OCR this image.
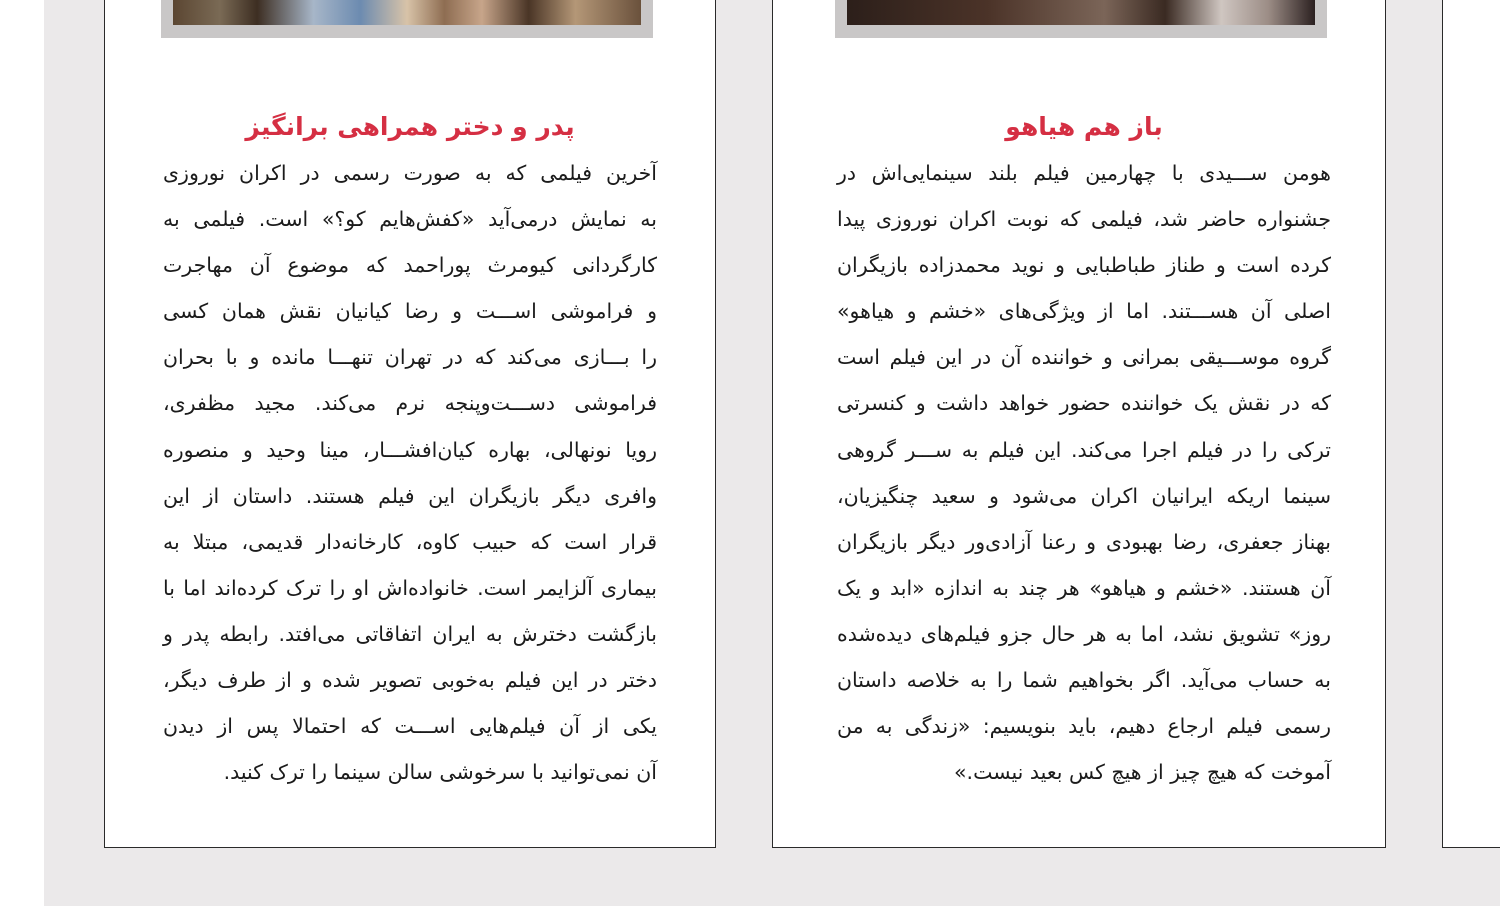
پدر و دختر همراهی برانگیز
آخرین فیلمی که به صورت رسمی در اکران نوروزی
به نمایش درمی‌آید «کفش‌هایم کو؟» است. فیلمی به
کارگردانی کیومرث پوراحمد که موضوع آن مهاجرت
و فراموشی اســـت و رضا کیانیان نقش همان کسی
را بـــازی می‌کند که در تهران تنهـــا مانده و با بحران
فراموشی دســـت‌وپنجه نرم می‌کند. مجید مظفری،
رویا نونهالی، بهاره کیان‌افشـــار، مینا وحید و منصوره
وافری دیگر بازیگران این فیلم هستند. داستان از این
قرار است که حبیب کاوه، کارخانه‌دار قدیمی، مبتلا به
بیماری آلزایمر است. خانواده‌اش او را ترک کرده‌اند اما با
بازگشت دخترش به ایران اتفاقاتی می‌افتد. رابطه پدر و
دختر در این فیلم به‌خوبی تصویر شده و از طرف دیگر،
یکی از آن فیلم‌هایی اســـت که احتمالا پس از دیدن
آن نمی‌توانید با سرخوشی سالن سینما را ترک کنید.
باز هم هیاهو
هومن ســـیدی با چهارمین فیلم بلند سینمایی‌اش در
جشنواره حاضر شد، فیلمی که نوبت اکران نوروزی پیدا
کرده است و طناز طباطبایی و نوید محمدزاده بازیگران
اصلی آن هســـتند. اما از ویژگی‌های «خشم و هیاهو»
گروه موســـیقی بمرانی و خواننده آن در این فیلم است
که در نقش یک خواننده حضور خواهد داشت و کنسرتی
ترکی را در فیلم اجرا می‌کند. این فیلم به ســـر گروهی
سینما اریکه ایرانیان اکران می‌شود و سعید چنگیزیان،
بهناز جعفری، رضا بهبودی و رعنا آزادی‌ور دیگر بازیگران
آن هستند. «خشم و هیاهو» هر چند به اندازه «ابد و یک
روز» تشویق نشد، اما به هر حال جزو فیلم‌های دیده‌شده
به حساب می‌آید. اگر بخواهیم شما را به خلاصه داستان
رسمی فیلم ارجاع دهیم، باید بنویسیم: «زندگی به من
آموخت که هیچ چیز از هیچ کس بعید نیست.»
